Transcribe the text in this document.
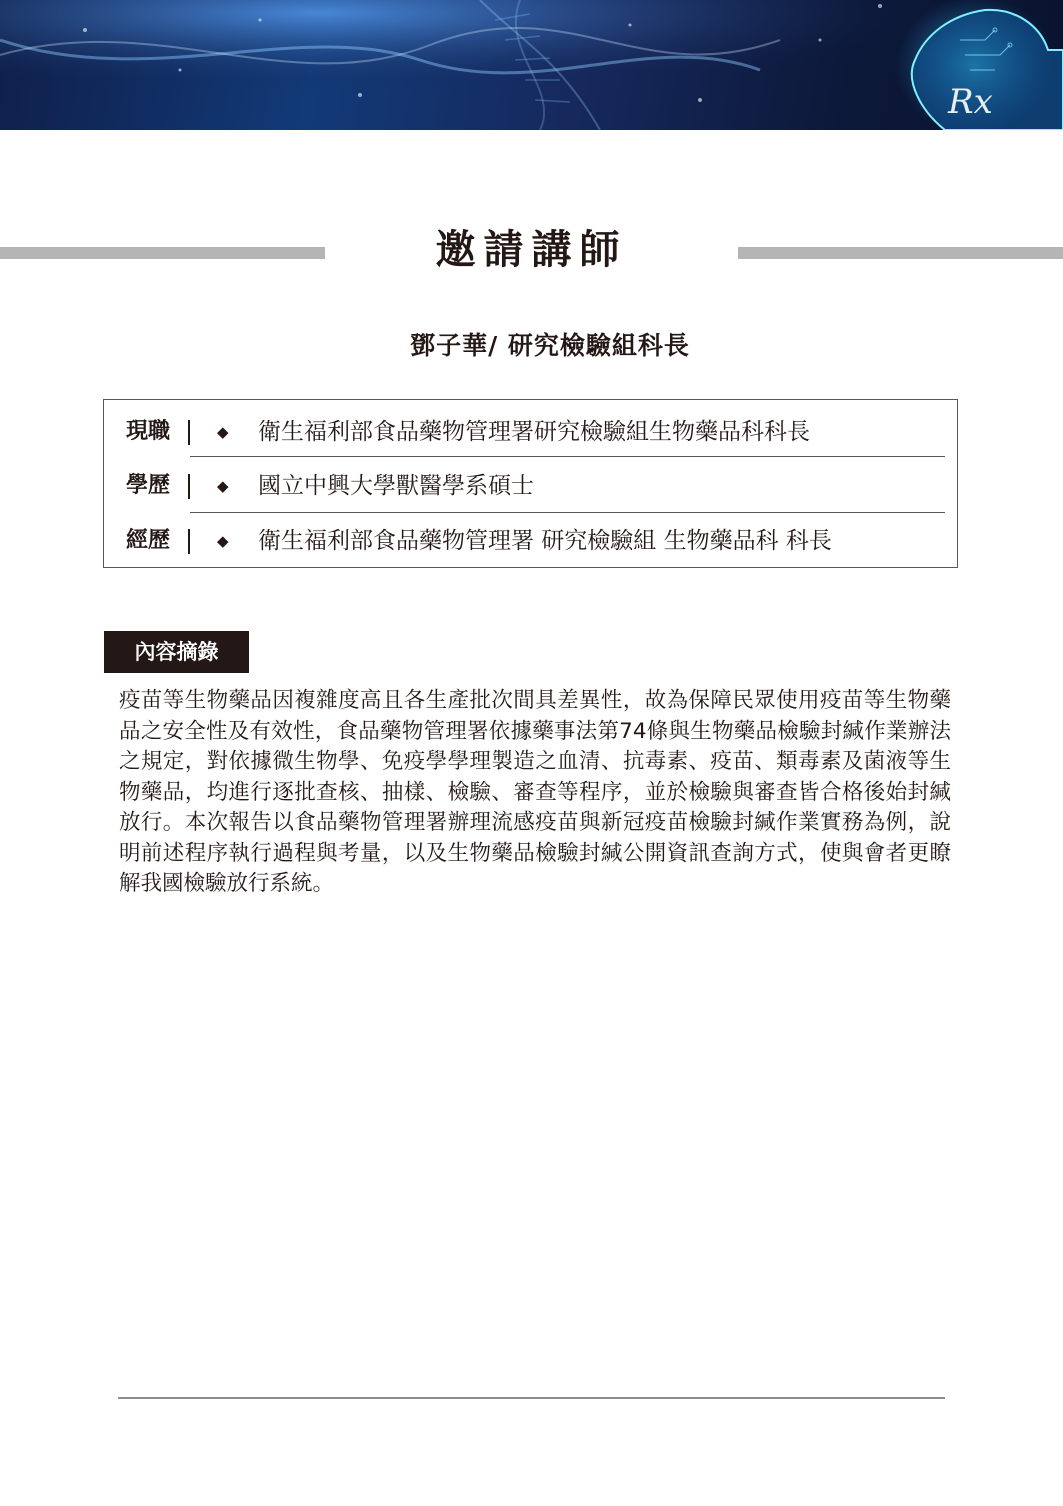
Rx
邀請講師
鄧子華/ 研究檢驗組科長
現職	◆ 衛生福利部食品藥物管理署研究檢驗組生物藥品科科長
學歷	◆ 國立中興大學獸醫學系碩士
經歷	◆ 衛生福利部食品藥物管理署 研究檢驗組 生物藥品科 科長
內容摘錄

疫苗等生物藥品因複雜度高且各生產批次間具差異性，故為保障民眾使用疫苗等生物藥品之安全性及有效性，食品藥物管理署依據藥事法第74條與生物藥品檢驗封緘作業辦法之規定，對依據微生物學、免疫學學理製造之血清、抗毒素、疫苗、類毒素及菌液等生物藥品，均進行逐批查核、抽樣、檢驗、審查等程序，並於檢驗與審查皆合格後始封緘放行。本次報告以食品藥物管理署辦理流感疫苗與新冠疫苗檢驗封緘作業實務為例，說明前述程序執行過程與考量，以及生物藥品檢驗封緘公開資訊查詢方式，使與會者更瞭解我國檢驗放行系統。
